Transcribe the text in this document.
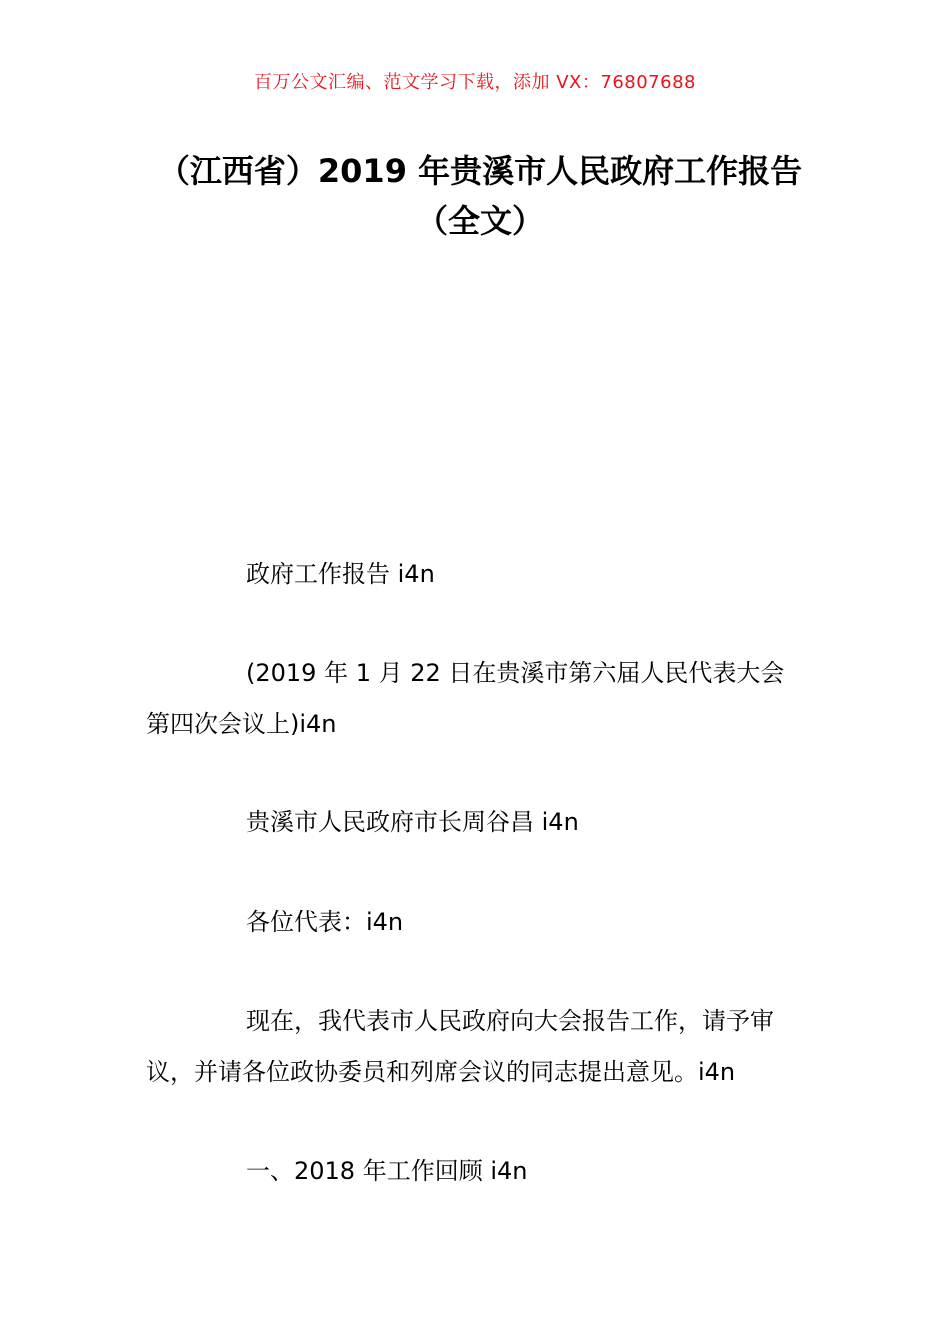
百万公文汇编、范文学习下载，添加 VX：76807688
（江西省）2019 年贵溪市人民政府工作报告（全文）

政府工作报告 i4n

(2019 年 1 月 22 日在贵溪市第六届人民代表大会第四次会议上)i4n

贵溪市人民政府市长周谷昌 i4n

各位代表：i4n

现在，我代表市人民政府向大会报告工作，请予审议，并请各位政协委员和列席会议的同志提出意见。i4n

一、2018 年工作回顾 i4n
